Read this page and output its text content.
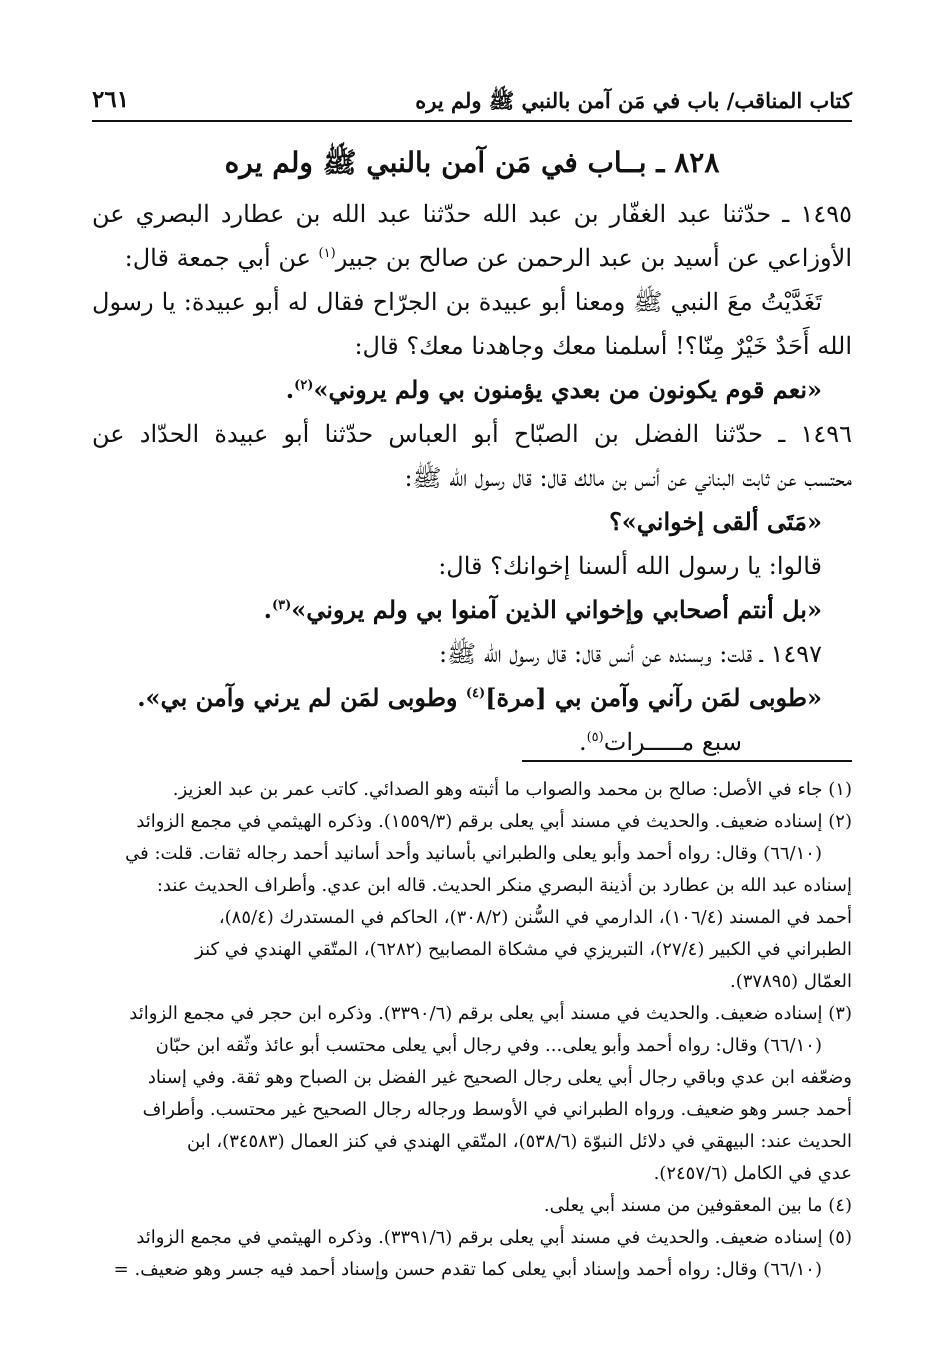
كتاب المناقب/ باب في مَن آمن بالنبي ﷺ ولم يره
٢٦١
٨٢٨ ـ بــاب في مَن آمن بالنبي ﷺ ولم يره
١٤٩٥ ـ حدّثنا عبد الغفّار بن عبد الله حدّثنا عبد الله بن عطارد البصري عن
الأوزاعي عن أسيد بن عبد الرحمن عن صالح بن جبير$^{(١)}$ عن أبي جمعة قال:
تَغَدَّيْتُ معَ النبي ﷺ ومعنا أبو عبيدة بن الجرّاح فقال له أبو عبيدة: يا رسول
الله أَحَدٌ خَيْرٌ مِنّا؟! أسلمنا معك وجاهدنا معك؟ قال:
«نعم قوم يكونون من بعدي يؤمنون بي ولم يروني»$^{(٢)}$.
١٤٩٦ ـ حدّثنا الفضل بن الصبّاح أبو العباس حدّثنا أبو عبيدة الحدّاد عن
محتسب عن ثابت البناني عن أنس بن مالك قال: قال رسول الله ﷺ:
«مَتَى ألقى إخواني»؟
قالوا: يا رسول الله ألسنا إخوانك؟ قال:
«بل أنتم أصحابي وإخواني الذين آمنوا بي ولم يروني»$^{(٣)}$.
١٤٩٧ ـ قلت: وبسنده عن أنس قال: قال رسول الله ﷺ:
«طوبى لمَن رآني وآمن بي [مرة]$^{(٤)}$ وطوبى لمَن لم يرني وآمن بي».
سبع مـــــرات$^{(٥)}$.
(١) جاء في الأصل: صالح بن محمد والصواب ما أثبته وهو الصدائي. كاتب عمر بن عبد العزيز.
(٢) إسناده ضعيف. والحديث في مسند أبي يعلى برقم (١٥٥٩/٣). وذكره الهيثمي في مجمع الزوائد
(٦٦/١٠) وقال: رواه أحمد وأبو يعلى والطبراني بأسانيد وأحد أسانيد أحمد رجاله ثقات. قلت: في
إسناده عبد الله بن عطارد بن أذينة البصري منكر الحديث. قاله ابن عدي. وأطراف الحديث عند:
أحمد في المسند (١٠٦/٤)، الدارمي في السُّنن (٣٠٨/٢)، الحاكم في المستدرك (٨٥/٤)،
الطبراني في الكبير (٢٧/٤)، التبريزي في مشكاة المصابيح (٦٢٨٢)، المتّقي الهندي في كنز
العمّال (٣٧٨٩٥).
(٣) إسناده ضعيف. والحديث في مسند أبي يعلى برقم (٣٣٩٠/٦). وذكره ابن حجر في مجمع الزوائد
(٦٦/١٠) وقال: رواه أحمد وأبو يعلى... وفي رجال أبي يعلى محتسب أبو عائذ وثّقه ابن حبّان
وضعّفه ابن عدي وباقي رجال أبي يعلى رجال الصحيح غير الفضل بن الصباح وهو ثقة. وفي إسناد
أحمد جسر وهو ضعيف. ورواه الطبراني في الأوسط ورجاله رجال الصحيح غير محتسب. وأطراف
الحديث عند: البيهقي في دلائل النبوّة (٥٣٨/٦)، المتّقي الهندي في كنز العمال (٣٤٥٨٣)، ابن
عدي في الكامل (٢٤٥٧/٦).
(٤) ما بين المعقوفين من مسند أبي يعلى.
(٥) إسناده ضعيف. والحديث في مسند أبي يعلى برقم (٣٣٩١/٦). وذكره الهيثمي في مجمع الزوائد
(٦٦/١٠) وقال: رواه أحمد وإسناد أبي يعلى كما تقدم حسن وإسناد أحمد فيه جسر وهو ضعيف. =
